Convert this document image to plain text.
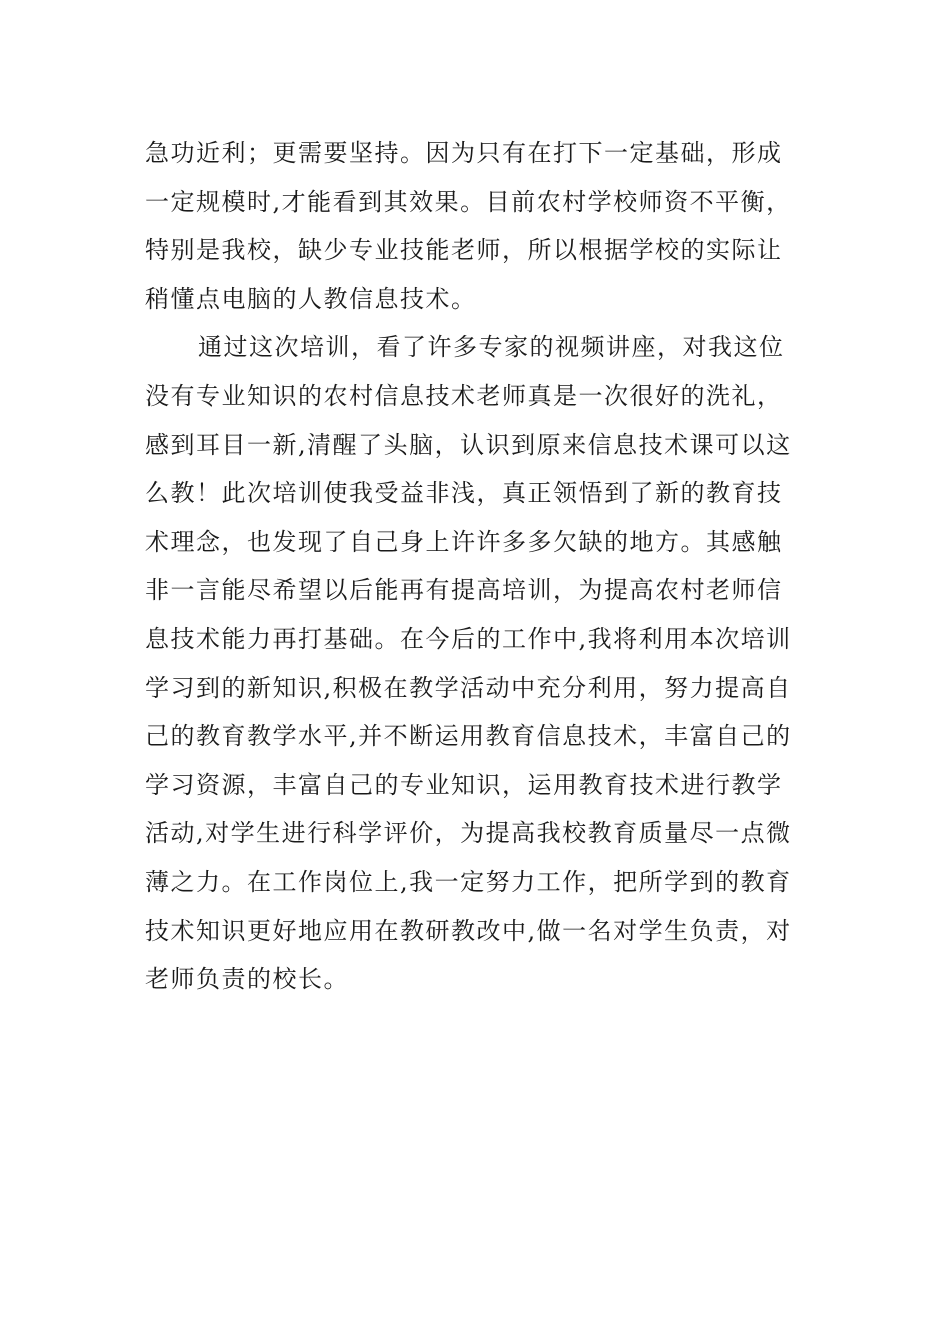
急功近利；更需要坚持。因为只有在打下一定基础，形成
一定规模时,才能看到其效果。目前农村学校师资不平衡，
特别是我校，缺少专业技能老师，所以根据学校的实际让
稍懂点电脑的人教信息技术。
通过这次培训，看了许多专家的视频讲座，对我这位
没有专业知识的农村信息技术老师真是一次很好的洗礼，
感到耳目一新,清醒了头脑，认识到原来信息技术课可以这
么教！此次培训使我受益非浅，真正领悟到了新的教育技
术理念，也发现了自己身上许许多多欠缺的地方。其感触
非一言能尽希望以后能再有提高培训，为提高农村老师信
息技术能力再打基础。在今后的工作中,我将利用本次培训
学习到的新知识,积极在教学活动中充分利用，努力提高自
己的教育教学水平,并不断运用教育信息技术，丰富自己的
学习资源，丰富自己的专业知识，运用教育技术进行教学
活动,对学生进行科学评价，为提高我校教育质量尽一点微
薄之力。在工作岗位上,我一定努力工作，把所学到的教育
技术知识更好地应用在教研教改中,做一名对学生负责，对
老师负责的校长。
